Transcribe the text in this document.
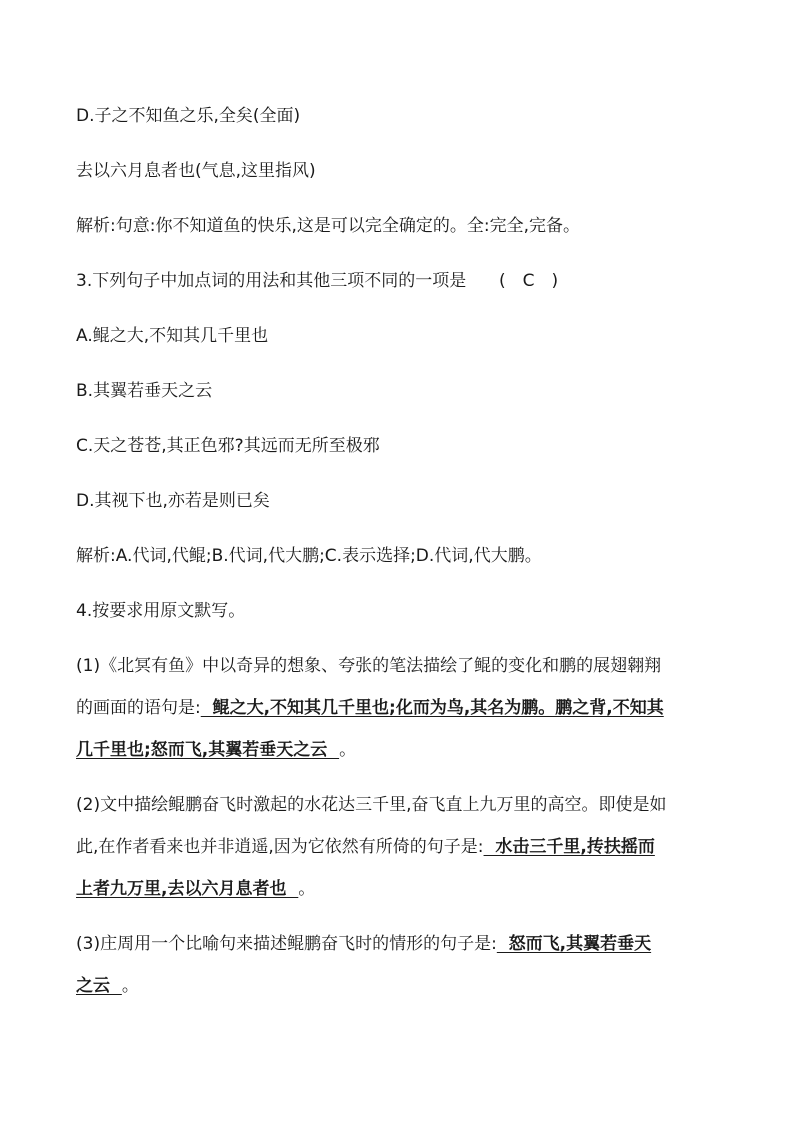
D.子之不知鱼之乐,全矣(全面)
去以六月息者也(气息,这里指风)
解析:句意:你不知道鱼的快乐,这是可以完全确定的。全:完全,完备。
3.下列句子中加点词的用法和其他三项不同的一项是 (　C　)
A.鲲之大,不知其几千里也
B.其翼若垂天之云
C.天之苍苍,其正色邪?其远而无所至极邪
D.其视下也,亦若是则已矣
解析:A.代词,代鲲;B.代词,代大鹏;C.表示选择;D.代词,代大鹏。
4.按要求用原文默写。
(1)《北冥有鱼》中以奇异的想象、夸张的笔法描绘了鲲的变化和鹏的展翅翱翔
的画面的语句是:  鲲之大,不知其几千里也;化而为鸟,其名为鹏。鹏之背,不知其
几千里也;怒而飞,其翼若垂天之云  。
(2)文中描绘鲲鹏奋飞时激起的水花达三千里,奋飞直上九万里的高空。即使是如
此,在作者看来也并非逍遥,因为它依然有所倚的句子是:  水击三千里,抟扶摇而
上者九万里,去以六月息者也  。
(3)庄周用一个比喻句来描述鲲鹏奋飞时的情形的句子是:  怒而飞,其翼若垂天
之云  。
